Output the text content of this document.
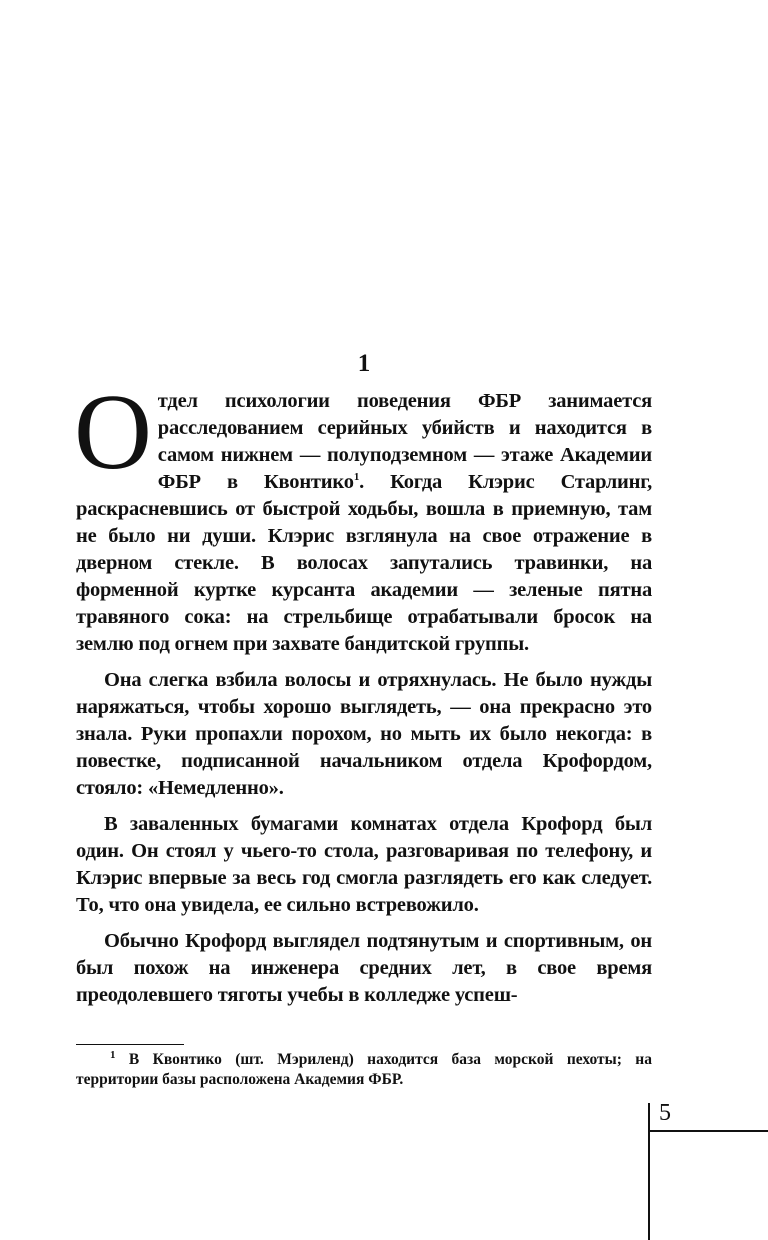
1

Отдел психологии поведения ФБР занимается расследованием серийных убийств и находится в самом нижнем — полуподземном — этаже Академии ФБР в Квонтико$^1$. Когда Клэрис Старлинг, раскрасневшись от быстрой ходьбы, вошла в приемную, там не было ни души. Клэрис взглянула на свое отражение в дверном стекле. В волосах запутались травинки, на форменной куртке курсанта академии — зеленые пятна травяного сока: на стрельбище отрабатывали бросок на землю под огнем при захвате бандитской группы.

Она слегка взбила волосы и отряхнулась. Не было нужды наряжаться, чтобы хорошо выглядеть, — она прекрасно это знала. Руки пропахли порохом, но мыть их было некогда: в повестке, подписанной начальником отдела Крофордом, стояло: «Немедленно».

В заваленных бумагами комнатах отдела Крофорд был один. Он стоял у чьего-то стола, разговаривая по телефону, и Клэрис впервые за весь год смогла разглядеть его как следует. То, что она увидела, ее сильно встревожило.

Обычно Крофорд выглядел подтянутым и спортивным, он был похож на инженера средних лет, в свое время преодолевшего тяготы учебы в колледже успеш-

$^1$ В Квонтико (шт. Мэриленд) находится база морской пехоты; на территории базы расположена Академия ФБР.
5
